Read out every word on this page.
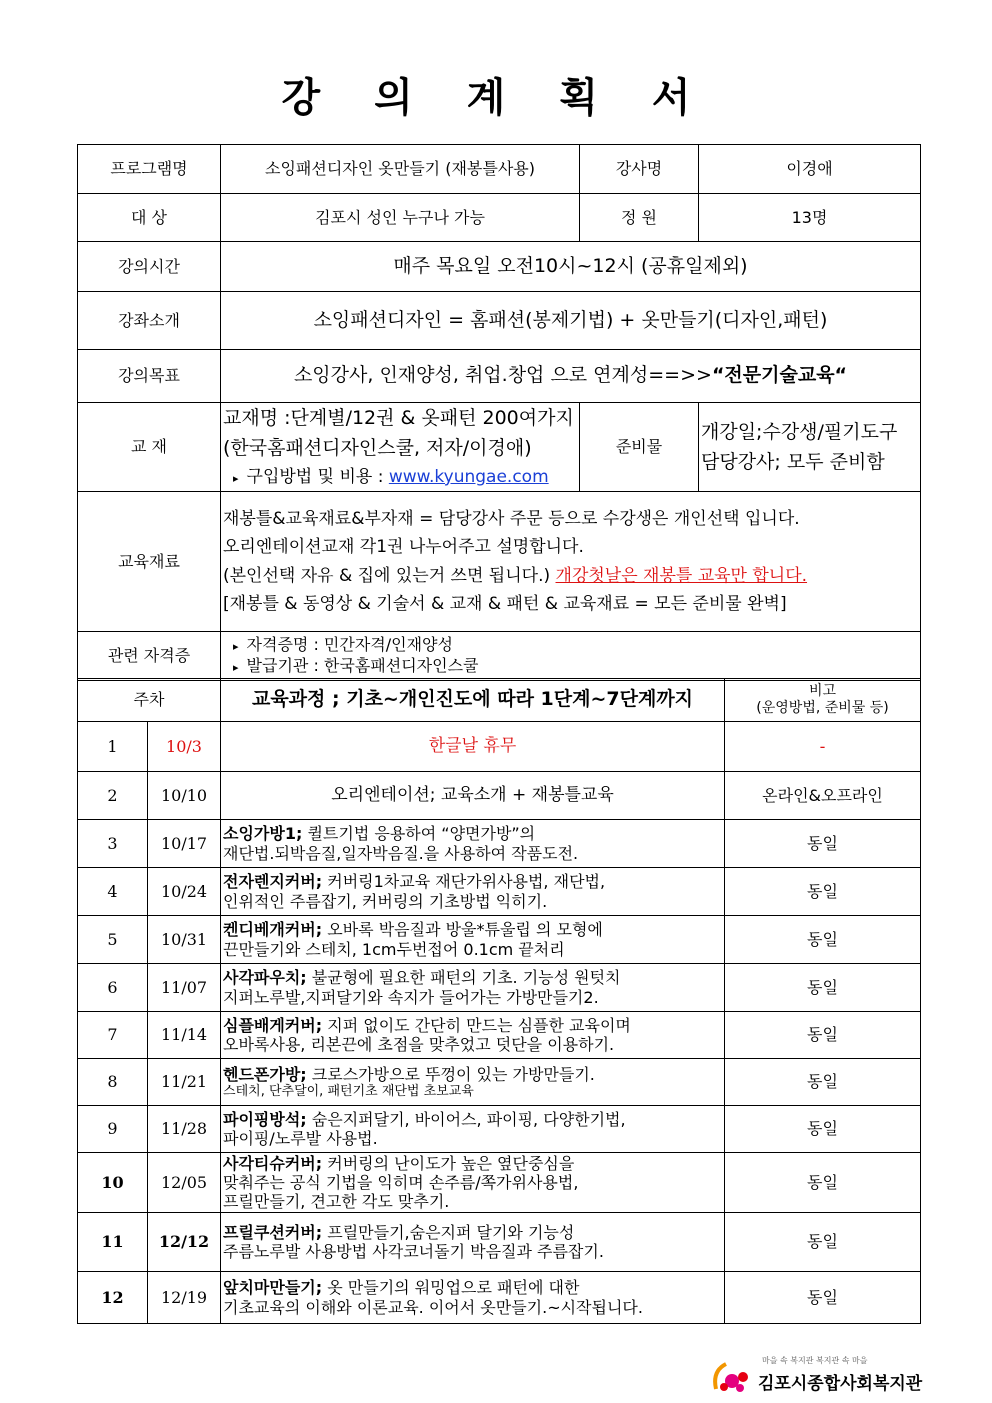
강 의 계 획 서
프로그램명	소잉패션디자인 옷만들기 (재봉틀사용)	강사명	이경애
대 상	김포시 성인 누구나 가능	정 원	13명
강의시간	매주 목요일 오전10시~12시 (공휴일제외)		
강좌소개	소잉패션디자인 = 홈패션(봉제기법) + 옷만들기(디자인,패턴)		
강의목표	소잉강사, 인재양성, 취업.창업 으로 연계성==>>“전문기술교육“		
교 재	교재명 :단계별/12권 & 옷패턴 200여가지
(한국홈패션디자인스쿨, 저자/이경애)
▸ 구입방법 및 비용 : www.kyungae.com	준비물	개강일;수강생/필기도구
담당강사; 모두 준비함

교육재료	재봉틀&교육재료&부자재 = 담당강사 주문 등으로 수강생은 개인선택 입니다.
오리엔테이션교재 각1권 나누어주고 설명합니다.
(본인선택 자유 & 집에 있는거 쓰면 됩니다.) 개강첫날은 재봉틀 교육만 합니다.
[재봉틀 & 동영상 & 기술서 & 교재 & 패턴 & 교육재료 = 모든 준비물 완벽]		

관련 자격증	▸ 자격증명 : 민간자격/인재양성
▸ 발급기관 : 한국홈패션디자인스쿨
주차		교육과정 ; 기초~개인진도에 따라 1단계~7단계까지	비고
(운영방법, 준비물 등)

1	10/3	한글날 휴무	-
2	10/10	오리엔테이션; 교육소개 + 재봉틀교육	온라인&오프라인
3	10/17	소잉가방1; 퀼트기법 응용하여 “양면가방”의
재단법.되박음질,일자박음질.을 사용하여 작품도전.	동일
4	10/24	전자렌지커버; 커버링1차교육 재단가위사용법, 재단법,
인위적인 주름잡기, 커버링의 기초방법 익히기.	동일
5	10/31	켄디베개커버; 오바록 박음질과 방울*튜울립 의 모형에
끈만들기와 스테치, 1cm두번접어 0.1cm 끝처리	동일
6	11/07	사각파우치; 불균형에 필요한 패턴의 기초. 기능성 원텃치
지퍼노루발,지퍼달기와 속지가 들어가는 가방만들기2.	동일
7	11/14	심플배게커버; 지퍼 없이도 간단히 만드는 심플한 교육이며
오바록사용, 리본끈에 초점을 맞추었고 덧단을 이용하기.	동일
8	11/21	헨드폰가방; 크로스가방으로 뚜껑이 있는 가방만들기.
스테치, 단추달이, 패턴기초 재단법 초보교육	동일
9	11/28	파이핑방석; 숨은지퍼달기, 바이어스, 파이핑, 다양한기법,
파이핑/노루발 사용법.	동일
10	12/05	사각티슈커버; 커버링의 난이도가 높은 옆단중심을
맞춰주는 공식 기법을 익히며 손주름/쪽가위사용법,
프릴만들기, 견고한 각도 맞추기.	동일
11	12/12	프릴쿠션커버; 프릴만들기,숨은지퍼 달기와 기능성
주름노루발 사용방법 사각코너돌기 박음질과 주름잡기.	동일
12	12/19	앞치마만들기; 옷 만들기의 워밍업으로 패턴에 대한
기초교육의 이해와 이론교육. 이어서 옷만들기.~시작됩니다.	동일
마을 속 복지관 복지관 속 마을
김포시종합사회복지관
